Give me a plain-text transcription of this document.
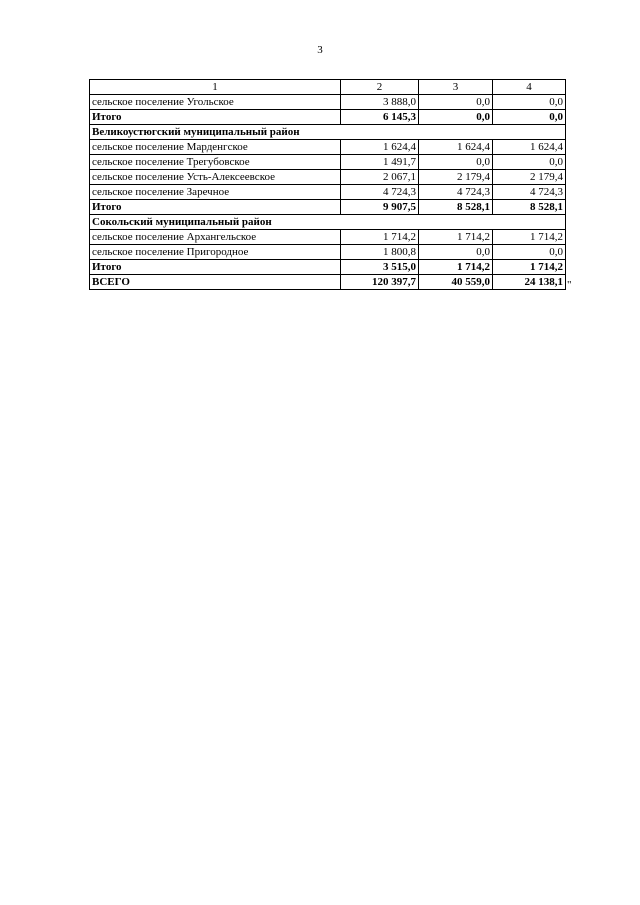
3
1	2	3	4
сельское поселение Угольское	3 888,0	0,0	0,0
Итого	6 145,3	0,0	0,0
Великоустюгский муниципальный район			
сельское поселение Марденгское	1 624,4	1 624,4	1 624,4
сельское поселение Трегубовское	1 491,7	0,0	0,0
сельское поселение Усть-Алексеевское	2 067,1	2 179,4	2 179,4
сельское поселение Заречное	4 724,3	4 724,3	4 724,3
Итого	9 907,5	8 528,1	8 528,1
Сокольский муниципальный район			
сельское поселение Архангельское	1 714,2	1 714,2	1 714,2
сельское поселение Пригородное	1 800,8	0,0	0,0
Итого	3 515,0	1 714,2	1 714,2
ВСЕГО	120 397,7	40 559,0	24 138,1 "
